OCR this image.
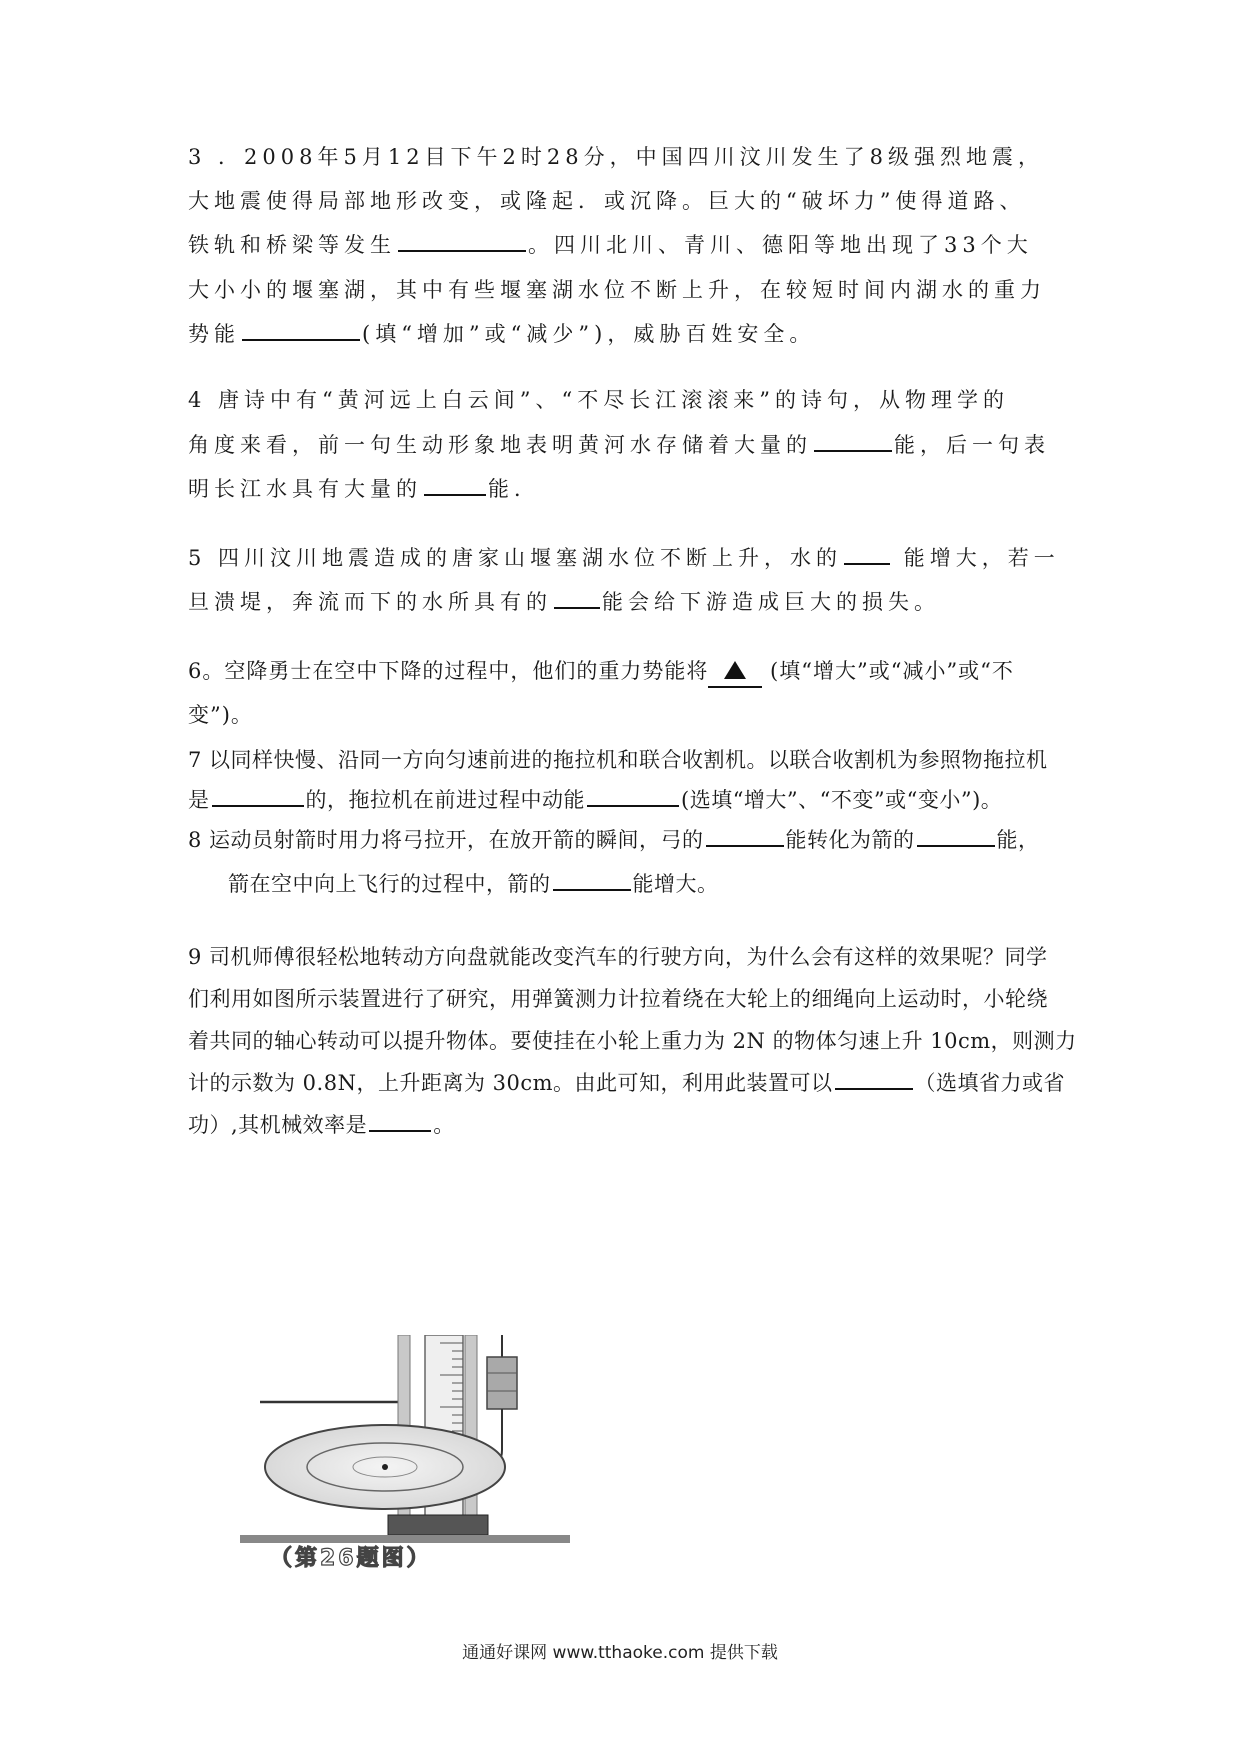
3 ．2008年5月12目下午2时28分，中国四川汶川发生了8级强烈地震，
大地震使得局部地形改变，或隆起．或沉降。巨大的“破坏力”使得道路、
铁轨和桥梁等发生	。四川北川、青川、德阳等地出现了33个大
大小小的堰塞湖，其中有些堰塞湖水位不断上升，在较短时间内湖水的重力
势能	(填“增加”或“减少”)，威胁百姓安全。
4 唐诗中有“黄河远上白云间”、“不尽长江滚滚来”的诗句，从物理学的
角度来看，前一句生动形象地表明黄河水存储着大量的	能，后一句表
明长江水具有大量的	能．
5 四川汶川地震造成的唐家山堰塞湖水位不断上升，水的	能增大，若一
旦溃堤，奔流而下的水所具有的 能会给下游造成巨大的损失。
6。空降勇士在空中下降的过程中，他们的重力势能将	(填“增大”或“减小”或“不
变”)。
7 以同样快慢、沿同一方向匀速前进的拖拉机和联合收割机。以联合收割机为参照物拖拉机
是	的，拖拉机在前进过程中动能	(选填“增大”、“不变”或“变小”)。
8 运动员射箭时用力将弓拉开，在放开箭的瞬间，弓的	能转化为箭的	能，
箭在空中向上飞行的过程中，箭的	能增大。
9 司机师傅很轻松地转动方向盘就能改变汽车的行驶方向，为什么会有这样的效果呢？同学
们利用如图所示装置进行了研究，用弹簧测力计拉着绕在大轮上的细绳向上运动时，小轮绕
着共同的轴心转动可以提升物体。要使挂在小轮上重力为 2N 的物体匀速上升 10cm，则测力
计的示数为 0.8N，上升距离为 30cm。由此可知，利用此装置可以	（选填省力或省
功）,其机械效率是	。
（第26题图）
通通好课网 www.tthaoke.com 提供下载
